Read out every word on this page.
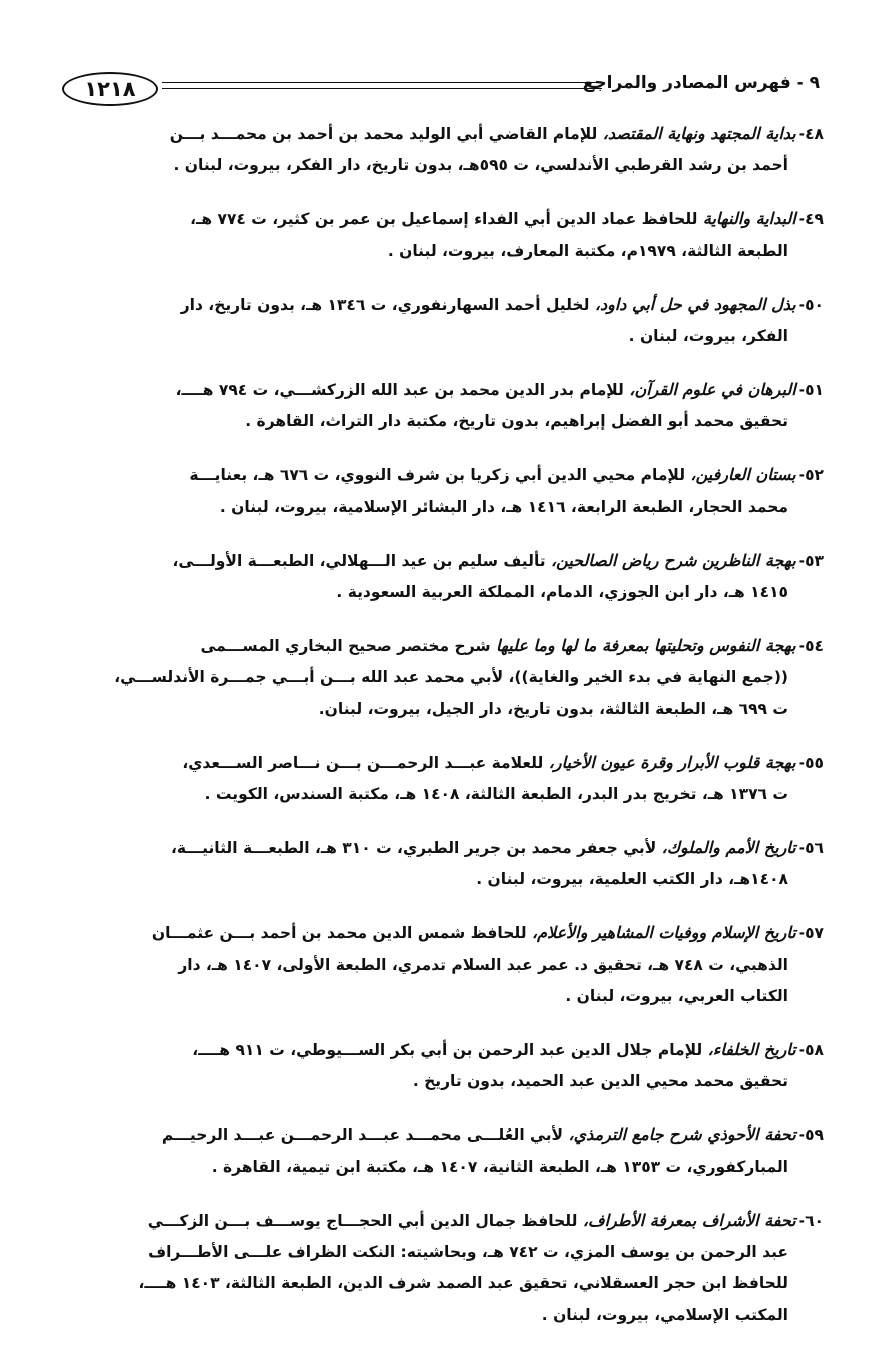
١٢١٨	٩ - فهرس المصادر والمراجع
٤٨-بداية المجتهد ونهاية المقتصد، للإمام القاضي أبي الوليد محمد بن أحمد بن محمـــد بـــن
أحمد بن رشد القرطبي الأندلسي، ت ٥٩٥هـ، بدون تاريخ، دار الفكر، بيروت، لبنان .
٤٩-البداية والنهاية للحافظ عماد الدين أبي الفداء إسماعيل بن عمر بن كثير، ت ٧٧٤ هـ،
الطبعة الثالثة، ١٩٧٩م، مكتبة المعارف، بيروت، لبنان .
٥٠-بذل المجهود في حل أبي داود، لخليل أحمد السهارنفوري، ت ١٣٤٦ هـ، بدون تاريخ، دار
الفكر، بيروت، لبنان .
٥١-البرهان في علوم القرآن، للإمام بدر الدين محمد بن عبد الله الزركشـــي، ت ٧٩٤ هــــ،
تحقيق محمد أبو الفضل إبراهيم، بدون تاريخ، مكتبة دار التراث، القاهرة .
٥٢-بستان العارفين، للإمام محيي الدين أبي زكريا بن شرف النووي، ت ٦٧٦ هـ، بعنايـــة
محمد الحجار، الطبعة الرابعة، ١٤١٦ هـ، دار البشائر الإسلامية، بيروت، لبنان .
٥٣-بهجة الناظرين شرح رياض الصالحين، تأليف سليم بن عيد الـــهلالي، الطبعـــة الأولـــى،
١٤١٥ هـ، دار ابن الجوزي، الدمام، المملكة العربية السعودية .
٥٤-بهجة النفوس وتحليتها بمعرفة ما لها وما عليها شرح مختصر صحيح البخاري المســـمى
((جمع النهاية في بدء الخير والغاية))، لأبي محمد عبد الله بـــن أبـــي جمـــرة الأندلســـي،
ت ٦٩٩ هـ، الطبعة الثالثة، بدون تاريخ، دار الجيل، بيروت، لبنان.
٥٥-بهجة قلوب الأبرار وقرة عيون الأخيار، للعلامة عبـــد الرحمـــن بـــن نـــاصر الســـعدي،
ت ١٣٧٦ هـ، تخريج بدر البدر، الطبعة الثالثة، ١٤٠٨ هـ، مكتبة السندس، الكويت .
٥٦-تاريخ الأمم والملوك، لأبي جعفر محمد بن جرير الطبري، ت ٣١٠ هـ، الطبعـــة الثانيـــة،
١٤٠٨هـ، دار الكتب العلمية، بيروت، لبنان .
٥٧-تاريخ الإسلام ووفيات المشاهير والأعلام، للحافظ شمس الدين محمد بن أحمد بـــن عثمـــان
الذهبي، ت ٧٤٨ هـ، تحقيق د. عمر عبد السلام تدمري، الطبعة الأولى، ١٤٠٧ هـ، دار
الكتاب العربي، بيروت، لبنان .
٥٨-تاريخ الخلفاء، للإمام جلال الدين عبد الرحمن بن أبي بكر الســـيوطي، ت ٩١١ هــــ،
تحقيق محمد محيي الدين عبد الحميد، بدون تاريخ .
٥٩-تحفة الأحوذي شرح جامع الترمذي، لأبي العُلـــى محمـــد عبـــد الرحمـــن عبـــد الرحيـــم
المباركفوري، ت ١٣٥٣ هـ، الطبعة الثانية، ١٤٠٧ هـ، مكتبة ابن تيمية، القاهرة .
٦٠-تحفة الأشراف بمعرفة الأطراف، للحافظ جمال الدين أبي الحجـــاج يوســـف بـــن الزكـــي
عبد الرحمن بن يوسف المزي، ت ٧٤٢ هـ، وبحاشيته: النكت الظراف علـــى الأطـــراف
للحافظ ابن حجر العسقلاني، تحقيق عبد الصمد شرف الدين، الطبعة الثالثة، ١٤٠٣ هــــ،
المكتب الإسلامي، بيروت، لبنان .
